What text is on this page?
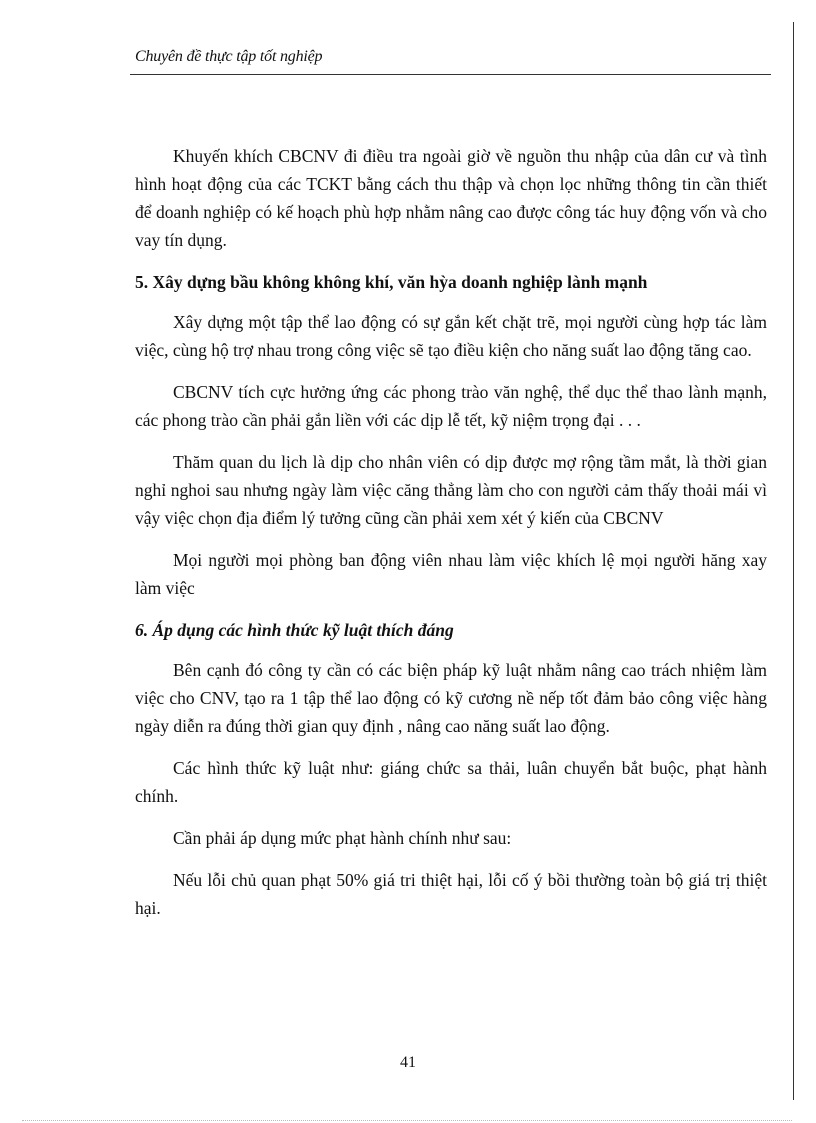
Chuyên đề thực tập tốt nghiệp

Khuyến khích CBCNV đi điều tra ngoài giờ về nguồn thu nhập của dân cư và tình hình hoạt động của các TCKT bằng cách thu thập và chọn lọc những thông tin cần thiết để doanh nghiệp có kế hoạch phù hợp nhằm nâng cao được công tác huy động vốn và cho vay tín dụng.

5. Xây dựng bầu không không khí, văn hỳa doanh nghiệp lành mạnh

Xây dựng một tập thể lao động có sự gắn kết chặt trẽ, mọi người cùng hợp tác làm việc, cùng hộ trợ nhau trong công việc sẽ tạo điều kiện cho năng suất lao động tăng cao.

CBCNV tích cực hưởng ứng các phong trào văn nghệ, thể dục thể thao lành mạnh, các phong trào cần phải gắn liền với các dịp lễ tết, kỹ niệm trọng đại . . .

Thăm quan du lịch là dịp cho nhân viên có dịp được mợ rộng tầm mắt, là thời gian nghỉ nghoi sau nhưng ngày làm việc căng thẳng làm cho con người cảm thấy thoải mái vì vậy việc chọn địa điểm lý tưởng cũng cần phải xem xét ý kiến của CBCNV

Mọi người mọi phòng ban động viên nhau làm việc khích lệ mọi người hăng xay làm việc

6. Áp dụng các hình thức kỹ luật thích đáng

Bên cạnh đó công ty cần có các biện pháp kỹ luật nhằm nâng cao trách nhiệm làm việc cho CNV, tạo ra 1 tập thể lao động có kỹ cương nề nếp tốt đảm bảo công việc hàng ngày diễn ra đúng thời gian quy định , nâng cao năng suất lao động.

Các hình thức kỹ luật như: giáng chức sa thải, luân chuyển bắt buộc, phạt hành chính.

Cần phải áp dụng mức phạt hành chính như sau:

Nếu lỗi chủ quan phạt 50% giá tri thiệt hại, lỗi cố ý bồi thường toàn bộ giá trị thiệt hại.

41
